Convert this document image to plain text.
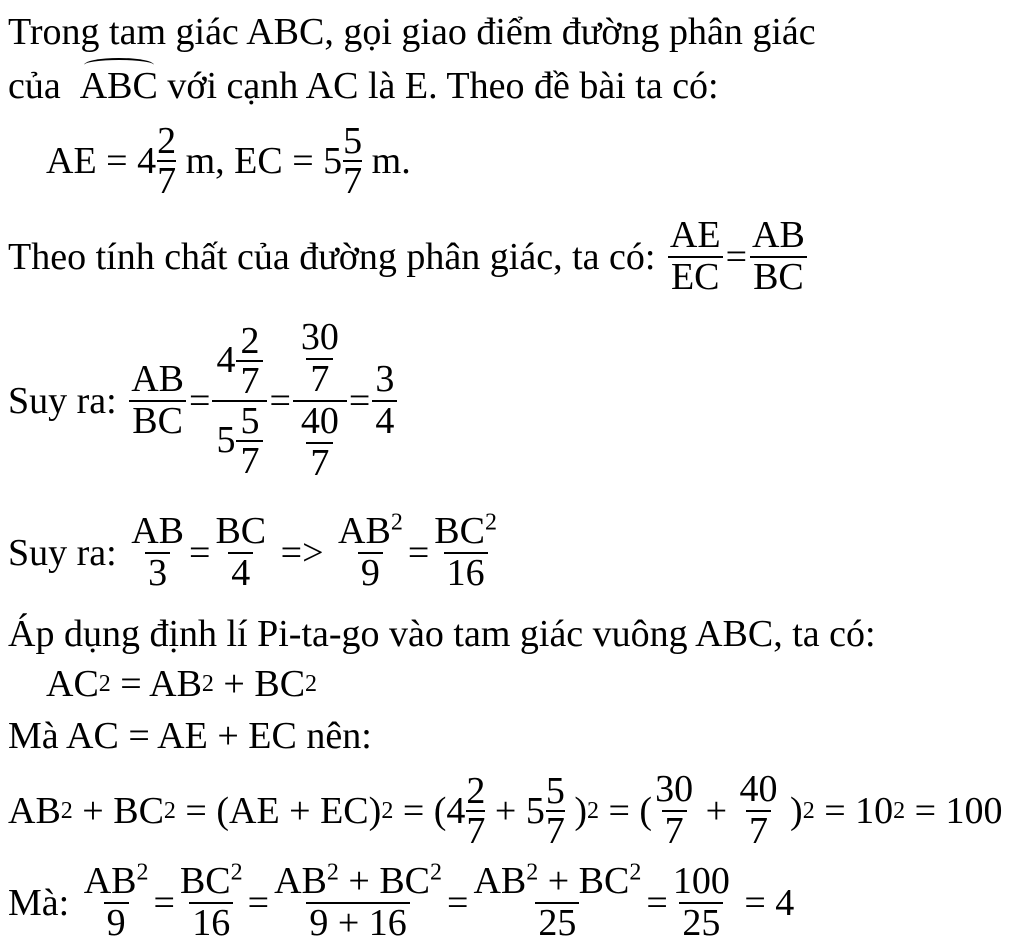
Trong tam giác ABC, gọi giao điểm đường phân giác
của ABC với cạnh AC là E. Theo đề bài ta có:
AE = $4 \frac{2}{7} m$, EC = $5 \frac{5}{7} m$.
Theo tính chất của đường phân giác, ta có: $\frac{AE}{EC} = \frac{AB}{BC}$
Suy ra: $\frac{AB}{BC} = \frac{4 \frac{2}{7}}{5 \frac{5}{7}} = \frac{\frac{30}{7}}{\frac{40}{7}} = \frac{3}{4}$
Suy ra: $\frac{AB}{3} = \frac{BC}{4} => \frac{AB^2}{9} = \frac{BC^2}{16}$
Áp dụng định lí Pi-ta-go vào tam giác vuông ABC, ta có:
AC 2 = AB 2 + BC 2
Mà AC = AE + EC nên:
AB 2 + BC 2 = (AE + EC) $2 = (4 \frac{2}{7} + 5 \frac{5}{7}$ ) 2 = ( $\frac{30}{7} + \frac{40}{7}$ ) 2 = 10 2 = 100
Mà: $\frac{AB^2}{9} = \frac{BC^2}{16} = \frac{AB^2 + BC^2}{9 + 16} = \frac{AB^2 + BC^2}{25} = \frac{100}{25} = 4$
